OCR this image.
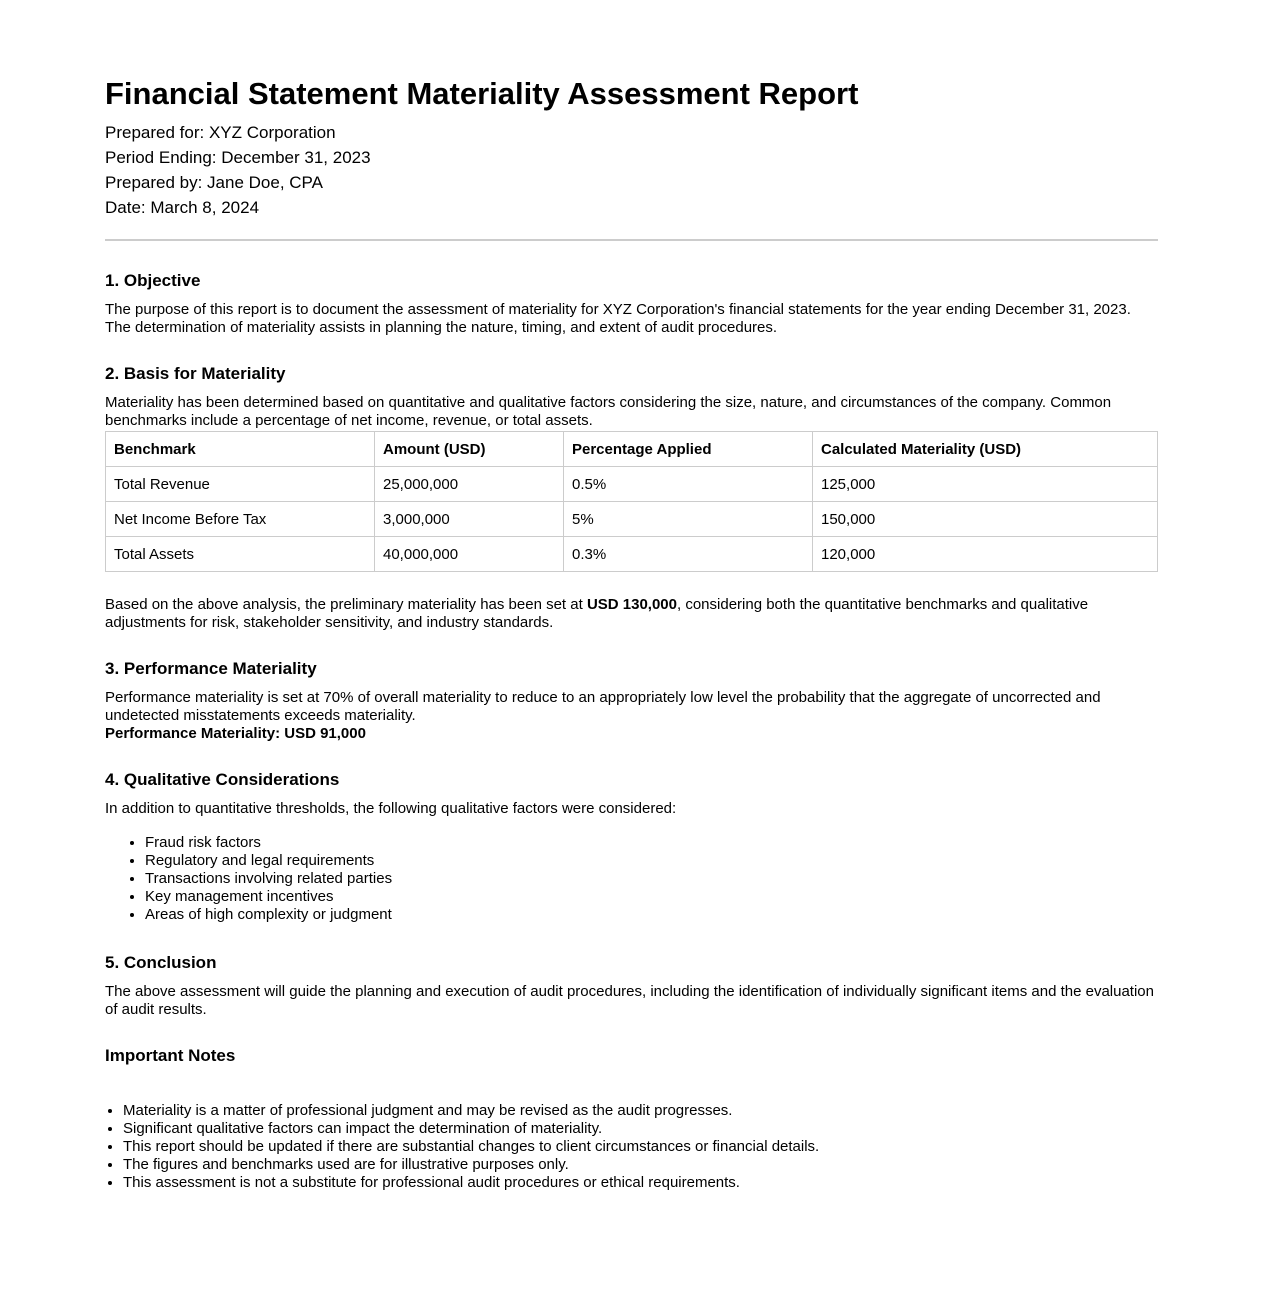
Financial Statement Materiality Assessment Report
Prepared for: XYZ Corporation
Period Ending: December 31, 2023
Prepared by: Jane Doe, CPA
Date: March 8, 2024
1. Objective
The purpose of this report is to document the assessment of materiality for XYZ Corporation's financial statements for the year ending December 31, 2023. The determination of materiality assists in planning the nature, timing, and extent of audit procedures.
2. Basis for Materiality
Materiality has been determined based on quantitative and qualitative factors considering the size, nature, and circumstances of the company. Common benchmarks include a percentage of net income, revenue, or total assets.
Benchmark	Amount (USD)	Percentage Applied	Calculated Materiality (USD)
Total Revenue	25,000,000	0.5%	125,000
Net Income Before Tax	3,000,000	5%	150,000
Total Assets	40,000,000	0.3%	120,000
Based on the above analysis, the preliminary materiality has been set at USD 130,000, considering both the quantitative benchmarks and qualitative adjustments for risk, stakeholder sensitivity, and industry standards.
3. Performance Materiality
Performance materiality is set at 70% of overall materiality to reduce to an appropriately low level the probability that the aggregate of uncorrected and undetected misstatements exceeds materiality.
Performance Materiality: USD 91,000
4. Qualitative Considerations
In addition to quantitative thresholds, the following qualitative factors were considered:
• Fraud risk factors
• Regulatory and legal requirements
• Transactions involving related parties
• Key management incentives
• Areas of high complexity or judgment
5. Conclusion
The above assessment will guide the planning and execution of audit procedures, including the identification of individually significant items and the evaluation of audit results.
Important Notes
• Materiality is a matter of professional judgment and may be revised as the audit progresses.
• Significant qualitative factors can impact the determination of materiality.
• This report should be updated if there are substantial changes to client circumstances or financial details.
• The figures and benchmarks used are for illustrative purposes only.
• This assessment is not a substitute for professional audit procedures or ethical requirements.
